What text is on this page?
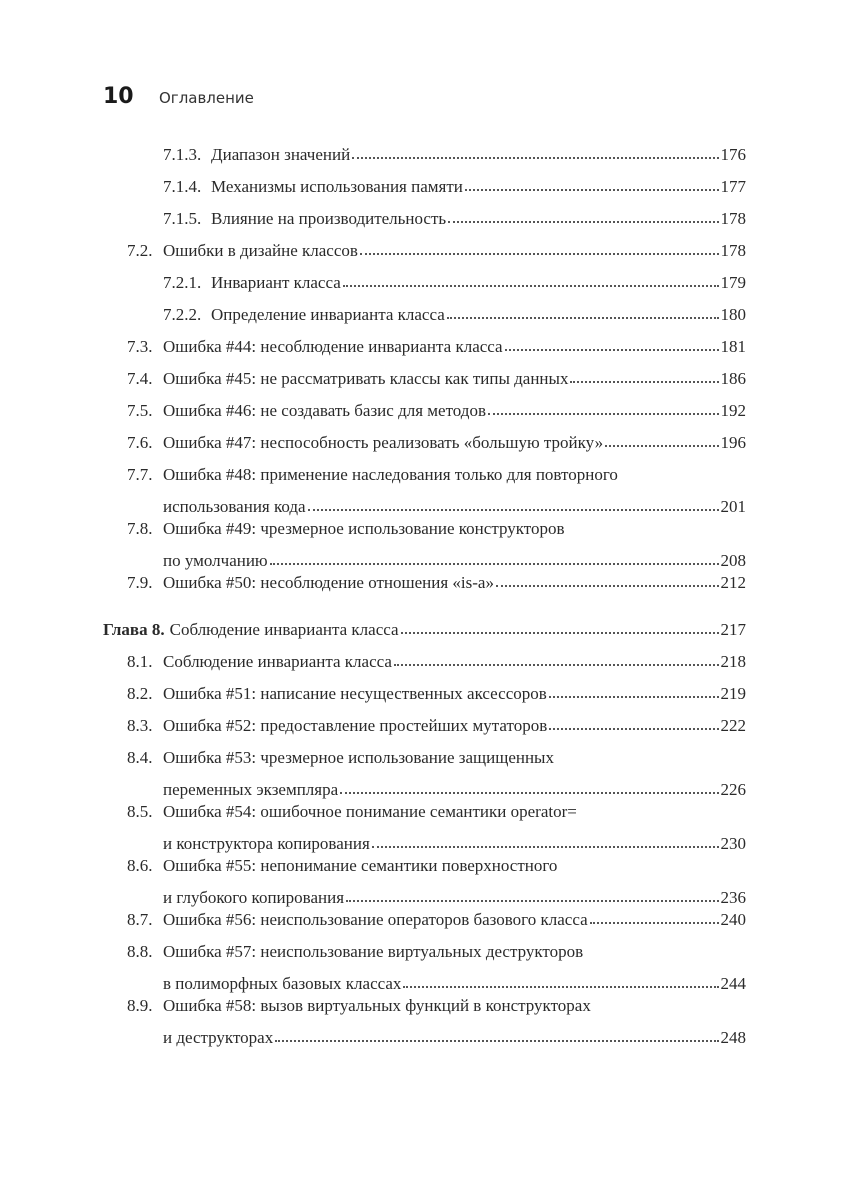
10	Оглавление
7.1.3. Диапазон значений	176
7.1.4. Механизмы использования памяти	177
7.1.5. Влияние на производительность	178
7.2. Ошибки в дизайне классов	178
7.2.1. Инвариант класса	179
7.2.2. Определение инварианта класса	180
7.3. Ошибка #44: несоблюдение инварианта класса	181
7.4. Ошибка #45: не рассматривать классы как типы данных	186
7.5. Ошибка #46: не создавать базис для методов	192
7.6. Ошибка #47: неспособность реализовать «большую тройку»	196
7.7. Ошибка #48: применение наследования только для повторного
использования кода	201
7.8. Ошибка #49: чрезмерное использование конструкторов
по умолчанию	208
7.9. Ошибка #50: несоблюдение отношения «is-a»	212
Глава 8. Соблюдение инварианта класса	217
8.1. Соблюдение инварианта класса	218
8.2. Ошибка #51: написание несущественных аксессоров	219
8.3. Ошибка #52: предоставление простейших мутаторов	222
8.4. Ошибка #53: чрезмерное использование защищенных
переменных экземпляра	226
8.5. Ошибка #54: ошибочное понимание семантики operator=
и конструктора копирования	230
8.6. Ошибка #55: непонимание семантики поверхностного
и глубокого копирования	236
8.7. Ошибка #56: неиспользование операторов базового класса	240
8.8. Ошибка #57: неиспользование виртуальных деструкторов
в полиморфных базовых классах	244
8.9. Ошибка #58: вызов виртуальных функций в конструкторах
и деструкторах	248
